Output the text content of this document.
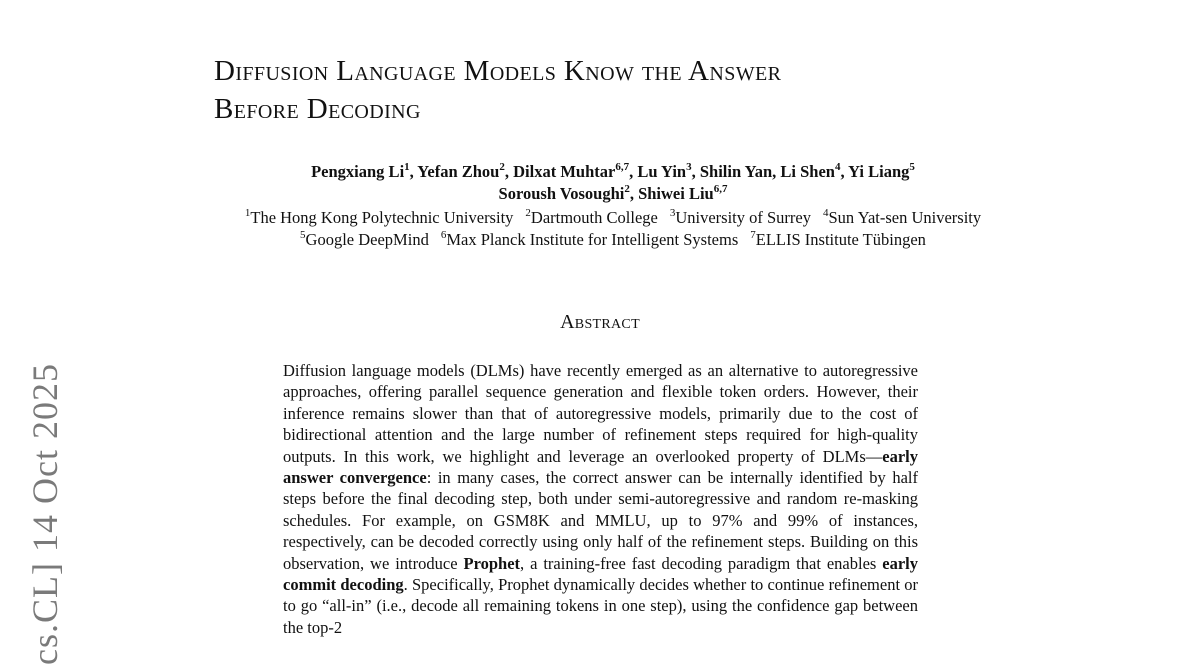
Diffusion Language Models Know the Answer
Before Decoding
Pengxiang Li$^1$, Yefan Zhou$^2$, Dilxat Muhtar$^{6,7}$, Lu Yin$^3$, Shilin Yan, Li Shen$^4$, Yi Liang$^5$
Soroush Vosoughi$^2$, Shiwei Liu$^{6,7}$
$^1$The Hong Kong Polytechnic University $^2$Dartmouth College $^3$University of Surrey $^4$Sun Yat-sen University
$^5$Google DeepMind $^6$Max Planck Institute for Intelligent Systems $^7$ELLIS Institute Tübingen
Abstract

Diffusion language models (DLMs) have recently emerged as an alternative to autoregressive approaches, offering parallel sequence generation and flexible token orders. However, their inference remains slower than that of autoregressive models, primarily due to the cost of bidirectional attention and the large number of refinement steps required for high-quality outputs. In this work, we highlight and leverage an overlooked property of DLMs—early answer convergence: in many cases, the correct answer can be internally identified by half steps before the final decoding step, both under semi-autoregressive and random re-masking schedules. For example, on GSM8K and MMLU, up to 97% and 99% of instances, respectively, can be decoded correctly using only half of the refinement steps. Building on this observation, we introduce Prophet, a training-free fast decoding paradigm that enables early commit decoding. Specifically, Prophet dynamically decides whether to continue refinement or to go “all-in” (i.e., decode all remaining tokens in one step), using the confidence gap between the top-2

cs.CL] 14 Oct 2025
